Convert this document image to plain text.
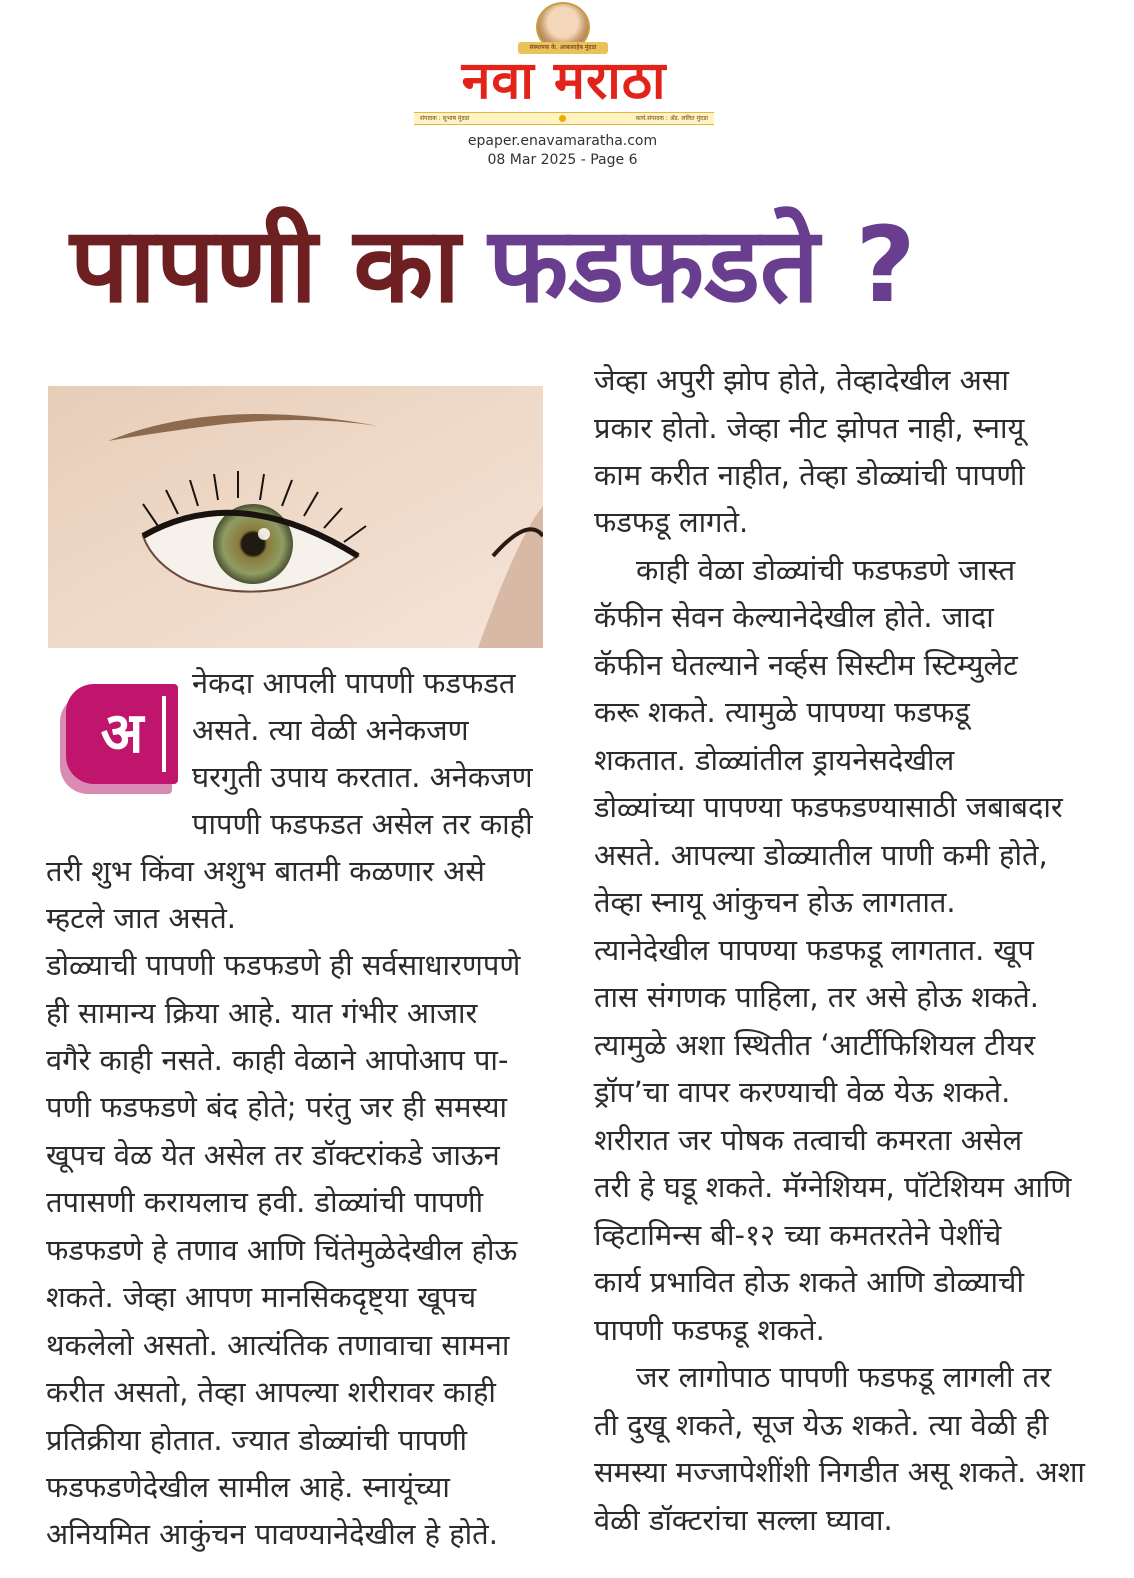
संस्थापक के. आबासाहेब मुंदडा
नवा मराठा
संपादक : सुभाष मुंदडा	कार्य.संपादक : ॲड. ललित मुंदडा
epaper.enavamaratha.com
08 Mar 2025 - Page 6
पापणी का फडफडते ?
अ
नेकदा आपली पापणी फडफडत
असते. त्या वेळी अनेकजण
घरगुती उपाय करतात. अनेकजण
पापणी फडफडत असेल तर काही
तरी शुभ किंवा अशुभ बातमी कळणार असे
म्हटले जात असते.
डोळ्याची पापणी फडफडणे ही सर्वसाधारणपणे
ही सामान्य क्रिया आहे. यात गंभीर आजार
वगैरे काही नसते. काही वेळाने आपोआप पा-
पणी फडफडणे बंद होते; परंतु जर ही समस्या
खूपच वेळ येत असेल तर डॉक्टरांकडे जाऊन
तपासणी करायलाच हवी. डोळ्यांची पापणी
फडफडणे हे तणाव आणि चिंतेमुळेदेखील होऊ
शकते. जेव्हा आपण मानसिकदृष्ट्या खूपच
थकलेलो असतो. आत्यंतिक तणावाचा सामना
करीत असतो, तेव्हा आपल्या शरीरावर काही
प्रतिक्रीया होतात. ज्यात डोळ्यांची पापणी
फडफडणेदेखील सामील आहे. स्नायूंच्या
अनियमित आकुंचन पावण्यानेदेखील हे होते.
जेव्हा अपुरी झोप होते, तेव्हादेखील असा
प्रकार होतो. जेव्हा नीट झोपत नाही, स्नायू
काम करीत नाहीत, तेव्हा डोळ्यांची पापणी
फडफडू लागते.
काही वेळा डोळ्यांची फडफडणे जास्त
कॅफीन सेवन केल्यानेदेखील होते. जादा
कॅफीन घेतल्याने नर्व्हस सिस्टीम स्टिम्युलेट
करू शकते. त्यामुळे पापण्या फडफडू
शकतात. डोळ्यांतील ड्रायनेसदेखील
डोळ्यांच्या पापण्या फडफडण्यासाठी जबाबदार
असते. आपल्या डोळ्यातील पाणी कमी होते,
तेव्हा स्नायू आंकुचन होऊ लागतात.
त्यानेदेखील पापण्या फडफडू लागतात. खूप
तास संगणक पाहिला, तर असे होऊ शकते.
त्यामुळे अशा स्थितीत ‘आर्टीफिशियल टीयर
ड्रॉप’चा वापर करण्याची वेळ येऊ शकते.
शरीरात जर पोषक तत्वाची कमरता असेल
तरी हे घडू शकते. मॅग्नेशियम, पॉटेशियम आणि
व्हिटामिन्स बी-१२ च्या कमतरतेने पेशींचे
कार्य प्रभावित होऊ शकते आणि डोळ्याची
पापणी फडफडू शकते.
जर लागोपाठ पापणी फडफडू लागली तर
ती दुखू शकते, सूज येऊ शकते. त्या वेळी ही
समस्या मज्जापेशींशी निगडीत असू शकते. अशा
वेळी डॉक्टरांचा सल्ला घ्यावा.
